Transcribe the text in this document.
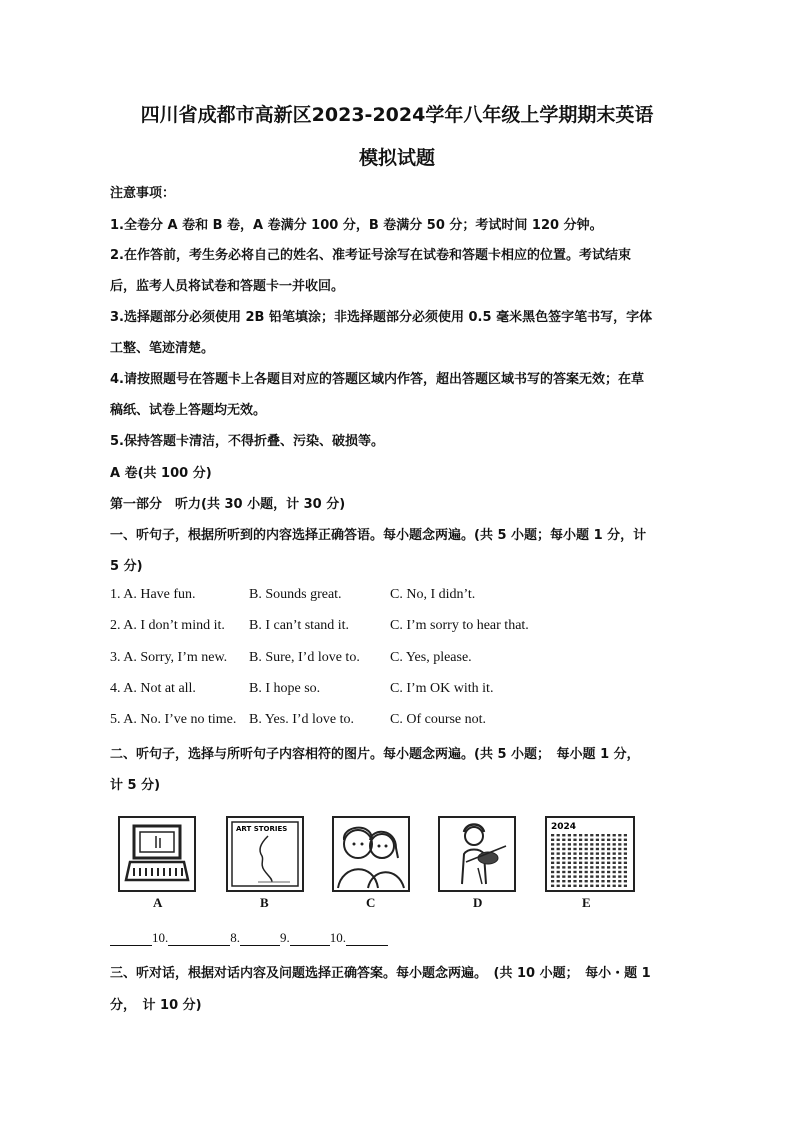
四川省成都市高新区2023-2024学年八年级上学期期末英语
模拟试题
注意事项：
1.全卷分 A 卷和 B 卷，A 卷满分 100 分，B 卷满分 50 分；考试时间 120 分钟。
2.在作答前，考生务必将自己的姓名、准考证号涂写在试卷和答题卡相应的位置。考试结束
后，监考人员将试卷和答题卡一并收回。
3.选择题部分必须使用 2B 铅笔填涂；非选择题部分必须使用 0.5 毫米黑色签字笔书写，字体
工整、笔迹清楚。
4.请按照题号在答题卡上各题目对应的答题区域内作答，超出答题区域书写的答案无效；在草
稿纸、试卷上答题均无效。
5.保持答题卡清洁，不得折叠、污染、破损等。
A 卷(共 100 分)
第一部分　听力(共 30 小题，计 30 分)
一、听句子，根据所听到的内容选择正确答语。每小题念两遍。(共 5 小题；每小题 1 分，计
5 分)
1. A. Have fun.	B. Sounds great.	C. No, I didn’t.
2. A. I don’t mind it. B. I can’t stand it.	C. I’m sorry to hear that.
3. A. Sorry, I’m new. B. Sure, I’d love to. C. Yes, please.
4. A. Not at all.	B. I hope so.	C. I’m OK with it.
5. A. No. I’ve no time. B. Yes. I’d love to.	C. Of course not.
二、听句子，选择与所听句子内容相符的图片。每小题念两遍。(共 5 小题；　每小题 1 分，
计 5 分)
ART STORIES	2024
A	B	C	D	E
10.	8.	9.	10.
三、听对话，根据对话内容及问题选择正确答案。每小题念两遍。　(共 10 小题；　每小・题 1
分，　计 10 分)
